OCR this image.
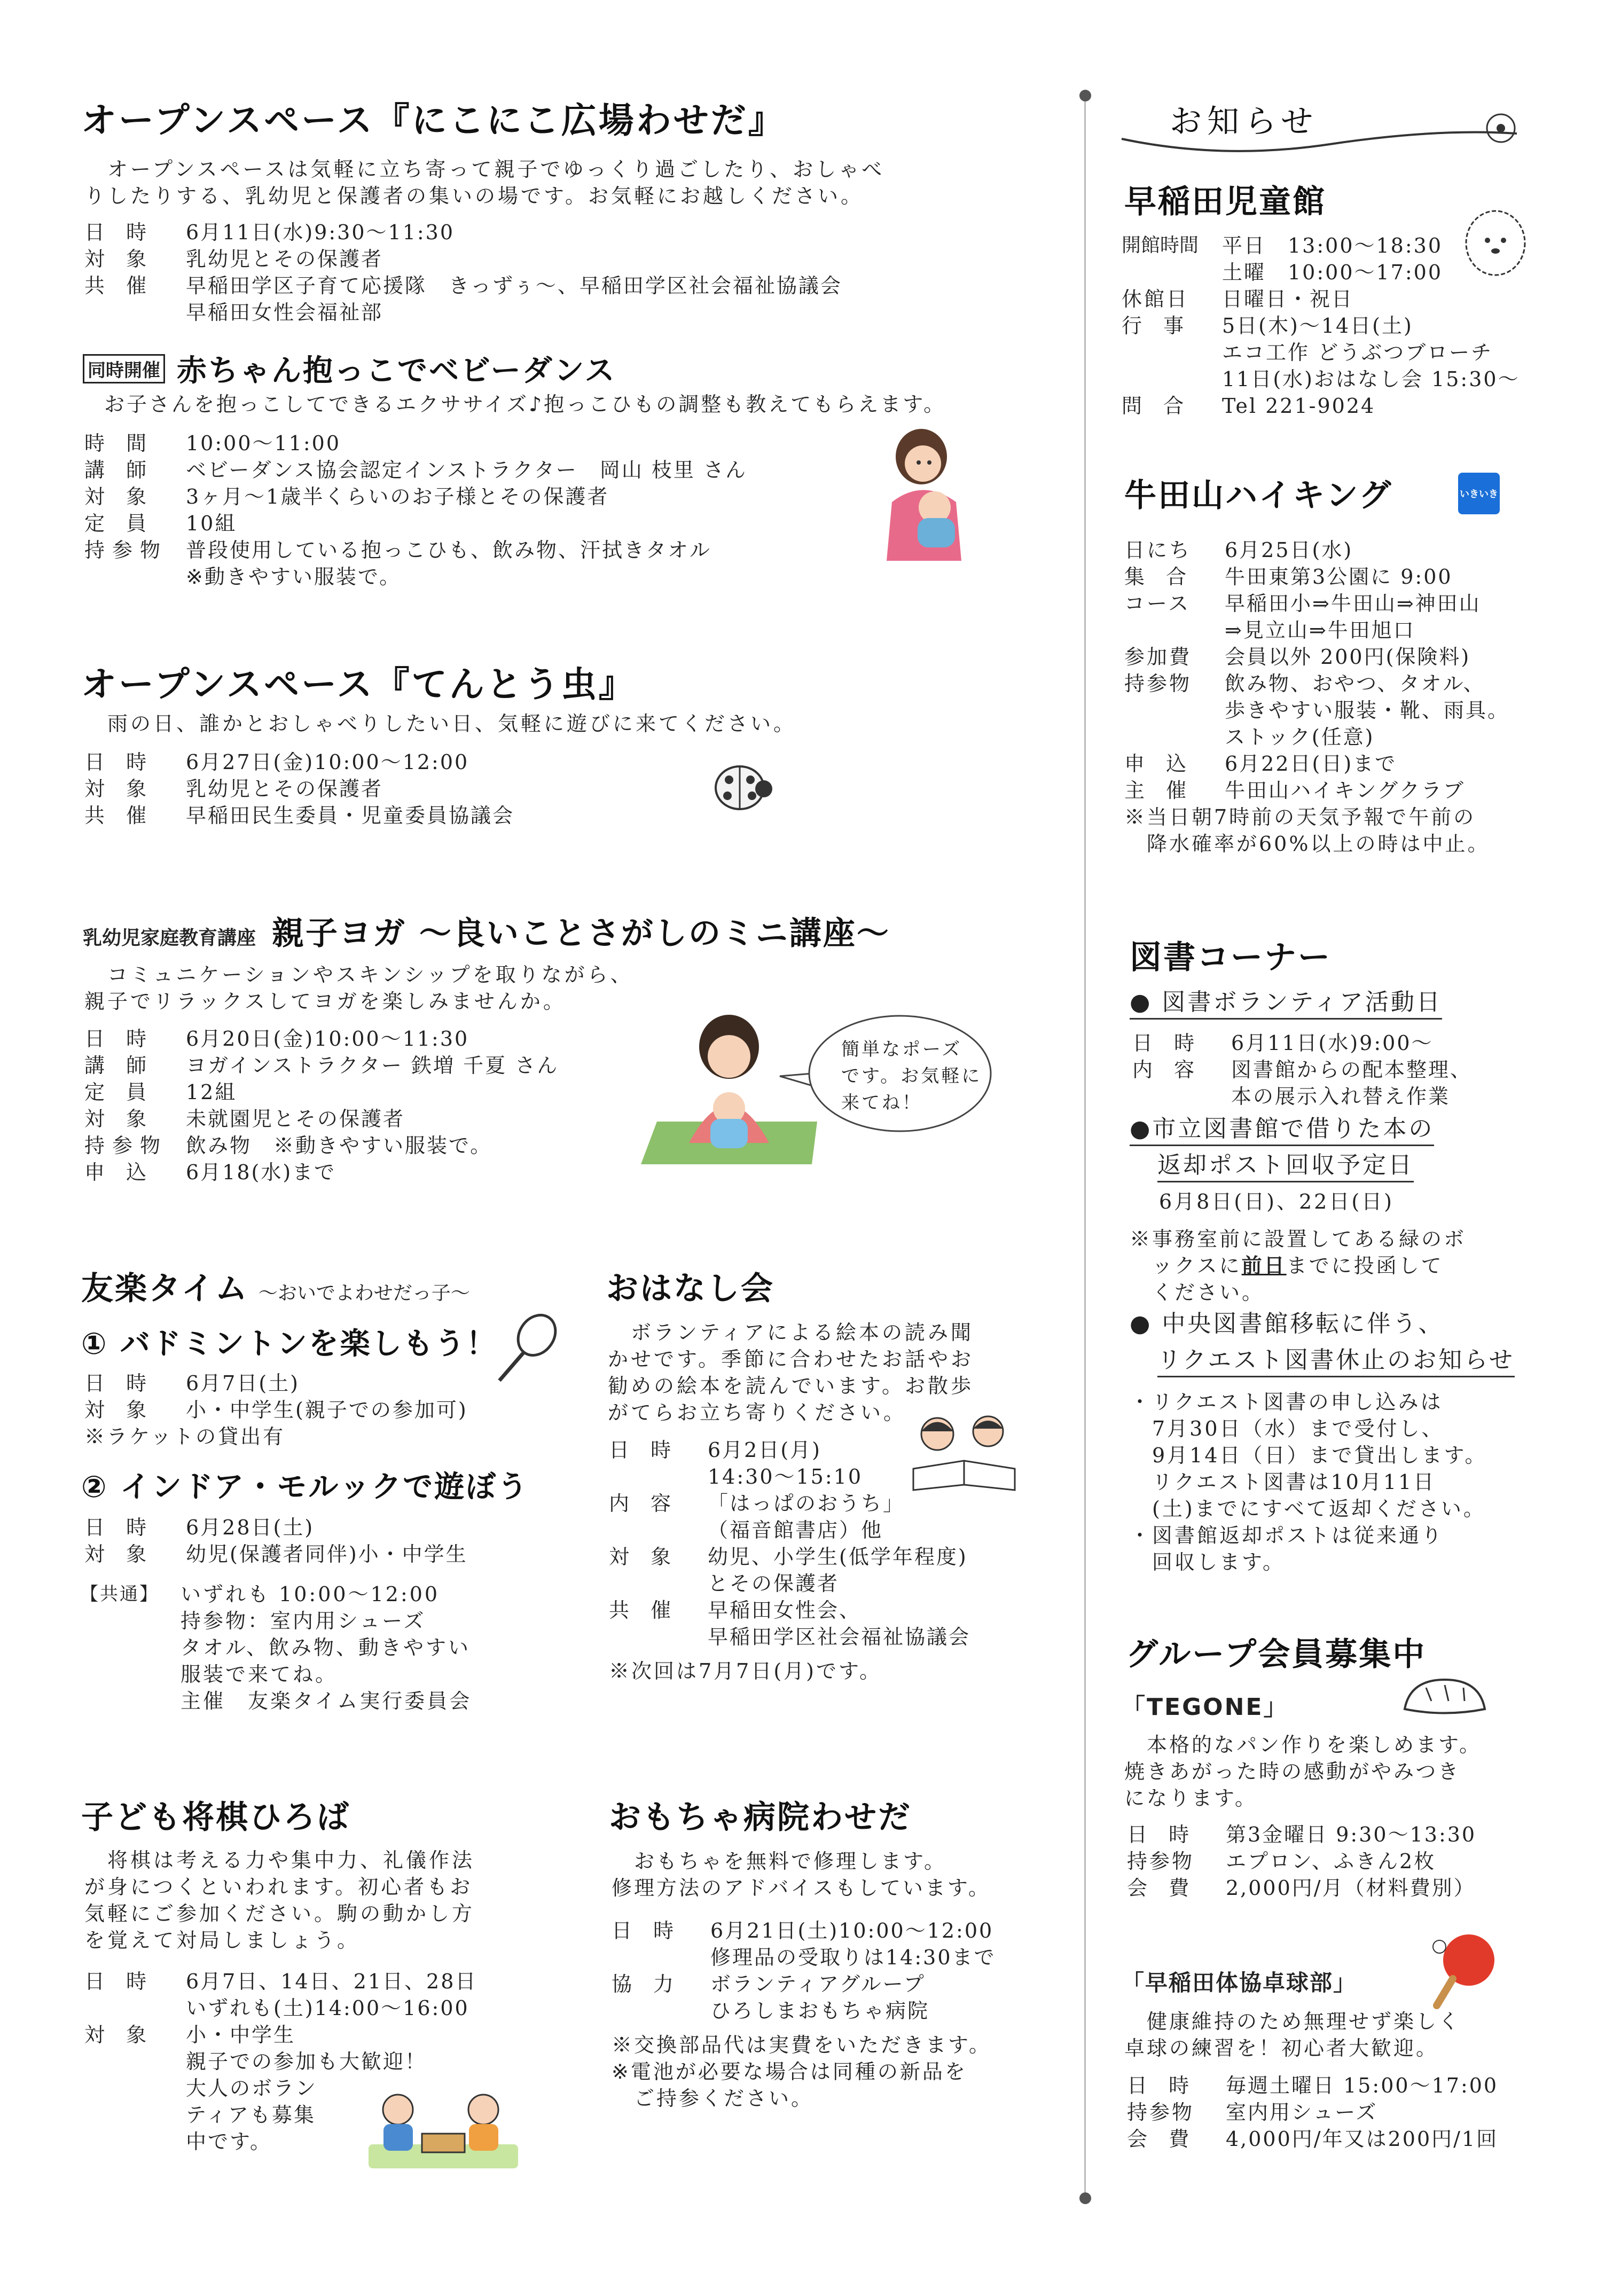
オープンスペース『にこにこ広場わせだ』
　オープンスペースは気軽に立ち寄って親子でゆっくり過ごしたり、おしゃべ
りしたりする、乳幼児と保護者の集いの場です。お気軽にお越しください。
日 時	6月11日(水)9:30～11:30
対 象	乳幼児とその保護者
共 催	早稲田学区子育て応援隊　きっずぅ～、早稲田学区社会福祉協議会
早稲田女性会福祉部
同時開催 赤ちゃん抱っこでベビーダンス
お子さんを抱っこしてできるエクササイズ♪抱っこひもの調整も教えてもらえます。
時 間	10:00～11:00
講 師	ベビーダンス協会認定インストラクター　岡山 枝里 さん
対 象	3ヶ月～1歳半くらいのお子様とその保護者
定 員	10組
持参物 普段使用している抱っこひも、飲み物、汗拭きタオル
※動きやすい服装で。
オープンスペース『てんとう虫』
　雨の日、誰かとおしゃべりしたい日、気軽に遊びに来てください。
日 時	6月27日(金)10:00～12:00
対 象	乳幼児とその保護者
共 催	早稲田民生委員・児童委員協議会
乳幼児家庭教育講座 親子ヨガ ～良いことさがしのミニ講座～
　コミュニケーションやスキンシップを取りながら、
親子でリラックスしてヨガを楽しみませんか。
日 時	6月20日(金)10:00～11:30
講 師	ヨガインストラクター 鉄増 千夏 さん
定 員	12組
対 象	未就園児とその保護者
持参物 飲み物　※動きやすい服装で。
申 込	6月18(水)まで
簡単なポーズ
です。お気軽に
来てね！
友楽タイム ～おいでよわせだっ子～
① バドミントンを楽しもう！
日 時	6月7日(土)
対 象	小・中学生(親子での参加可)
※ラケットの貸出有
② インドア・モルックで遊ぼう
日 時	6月28日(土)
対 象	幼児(保護者同伴)小・中学生
【共通】	いずれも 10:00～12:00
持参物：室内用シューズ
タオル、飲み物、動きやすい
服装で来てね。
主催　友楽タイム実行委員会
おはなし会
　ボランティアによる絵本の読み聞
かせです。季節に合わせたお話やお
勧めの絵本を読んでいます。お散歩
がてらお立ち寄りください。
日 時	6月2日(月)
14:30～15:10
内 容	「はっぱのおうち」
（福音館書店）他
対 象	幼児、小学生(低学年程度)
とその保護者
共 催	早稲田女性会、
早稲田学区社会福祉協議会
※次回は7月7日(月)です。
子ども将棋ひろば
　将棋は考える力や集中力、礼儀作法
が身につくといわれます。初心者もお
気軽にご参加ください。駒の動かし方
を覚えて対局しましょう。
日 時	6月7日、14日、21日、28日
いずれも(土)14:00～16:00
対 象	小・中学生
親子での参加も大歓迎！
大人のボラン
ティアも募集
中です。
おもちゃ病院わせだ
　おもちゃを無料で修理します。
修理方法のアドバイスもしています。
日 時	6月21日(土)10:00～12:00
修理品の受取りは14:30まで
協 力	ボランティアグループ
ひろしまおもちゃ病院
※交換部品代は実費をいただきます。
※電池が必要な場合は同種の新品を
　ご持参ください。
お知らせ
早稲田児童館
開館時間	平日　13:00～18:30
土曜　10:00～17:00
休館日	日曜日・祝日
行 事	5日(木)～14日(土)
エコ工作 どうぶつブローチ
11日(水)おはなし会 15:30～
問 合	Tel 221-9024
牛田山ハイキング	いきいき
日にち	6月25日(水)
集 合	牛田東第3公園に 9:00
コース	早稲田小⇒牛田山⇒神田山
⇒見立山⇒牛田旭口
参加費	会員以外 200円(保険料)
持参物	飲み物、おやつ、タオル、
歩きやすい服装・靴、雨具。
ストック(任意)
申 込	6月22日(日)まで
主 催	牛田山ハイキングクラブ
※当日朝7時前の天気予報で午前の
　降水確率が60%以上の時は中止。
図書コーナー
● 図書ボランティア活動日
日 時	6月11日(水)9:00～
内 容	図書館からの配本整理、
本の展示入れ替え作業
●市立図書館で借りた本の
返却ポスト回収予定日
6月8日(日)、22日(日)
※事務室前に設置してある緑のボ
　ックスに前日までに投函して
　ください。
● 中央図書館移転に伴う、
リクエスト図書休止のお知らせ
・リクエスト図書の申し込みは
　7月30日（水）まで受付し、
　9月14日（日）まで貸出します。
　リクエスト図書は10月11日
　(土)までにすべて返却ください。
・図書館返却ポストは従来通り
　回収します。
グループ会員募集中
「TEGONE」
　本格的なパン作りを楽しめます。
焼きあがった時の感動がやみつき
になります。
日 時	第3金曜日 9:30～13:30
持参物	エプロン、ふきん2枚
会 費	2,000円/月（材料費別）
「早稲田体協卓球部」
　健康維持のため無理せず楽しく
卓球の練習を！初心者大歓迎。
日 時	毎週土曜日 15:00～17:00
持参物	室内用シューズ
会 費	4,000円/年又は200円/1回
